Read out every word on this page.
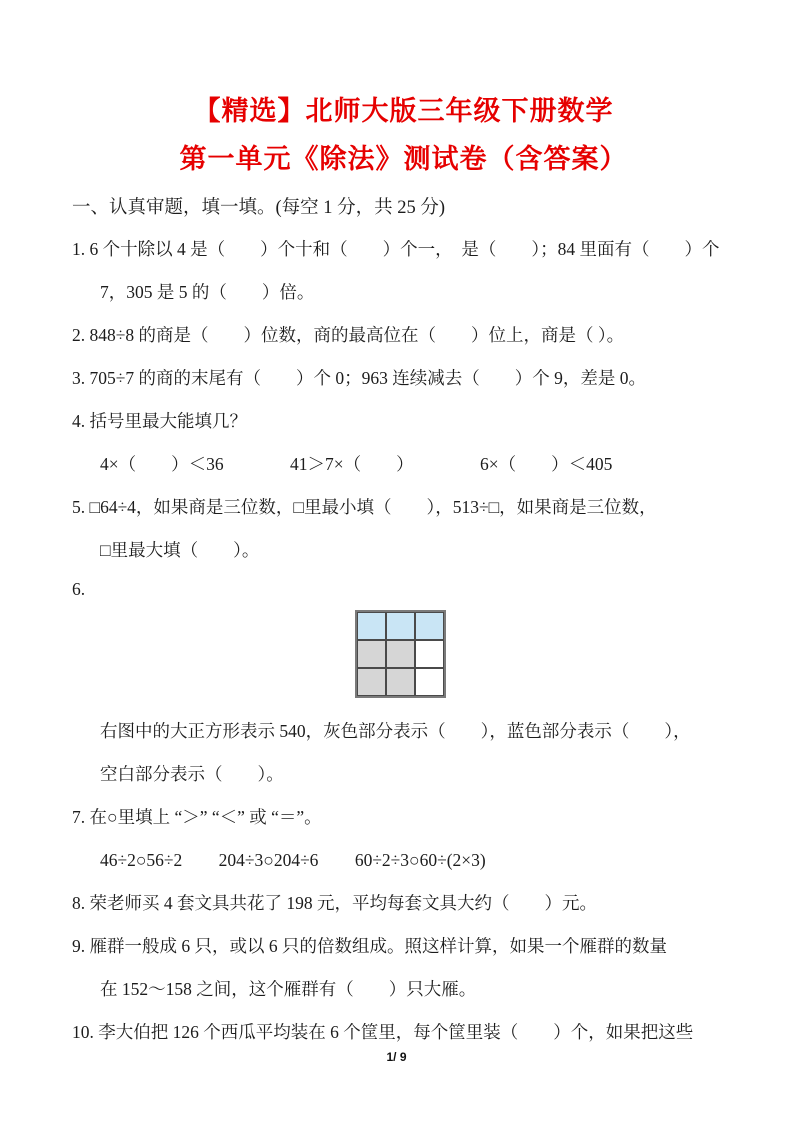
【精选】北师大版三年级下册数学
第一单元《除法》测试卷（含答案）

一、认真审题，填一填。(每空 1 分，共 25 分)

1. 6 个十除以 4 是（　　）个十和（　　）个一，　是（　　）；84 里面有（　　）个

7，305 是 5 的（　　）倍。

2. 848÷8 的商是（　　）位数，商的最高位在（　　）位上，商是（ ）。

3. 705÷7 的商的末尾有（　　）个 0；963 连续减去（　　）个 9，差是 0。

4. 括号里最大能填几？

4×（　　）＜36	41＞7×（　　）	6×（　　）＜405

5. □64÷4，如果商是三位数，□里最小填（　　），513÷□，如果商是三位数，

□里最大填（　　）。

6.

右图中的大正方形表示 540，灰色部分表示（　　），蓝色部分表示（　　），

空白部分表示（　　）。

7. 在○里填上 “＞” “＜” 或 “＝”。

46÷2○56÷2 204÷3○204÷6 60÷2÷3○60÷(2×3)

8. 荣老师买 4 套文具共花了 198 元，平均每套文具大约（　　）元。

9. 雁群一般成 6 只，或以 6 只的倍数组成。照这样计算，如果一个雁群的数量

在 152～158 之间，这个雁群有（　　）只大雁。

10. 李大伯把 126 个西瓜平均装在 6 个筐里，每个筐里装（　　）个，如果把这些

1/ 9
